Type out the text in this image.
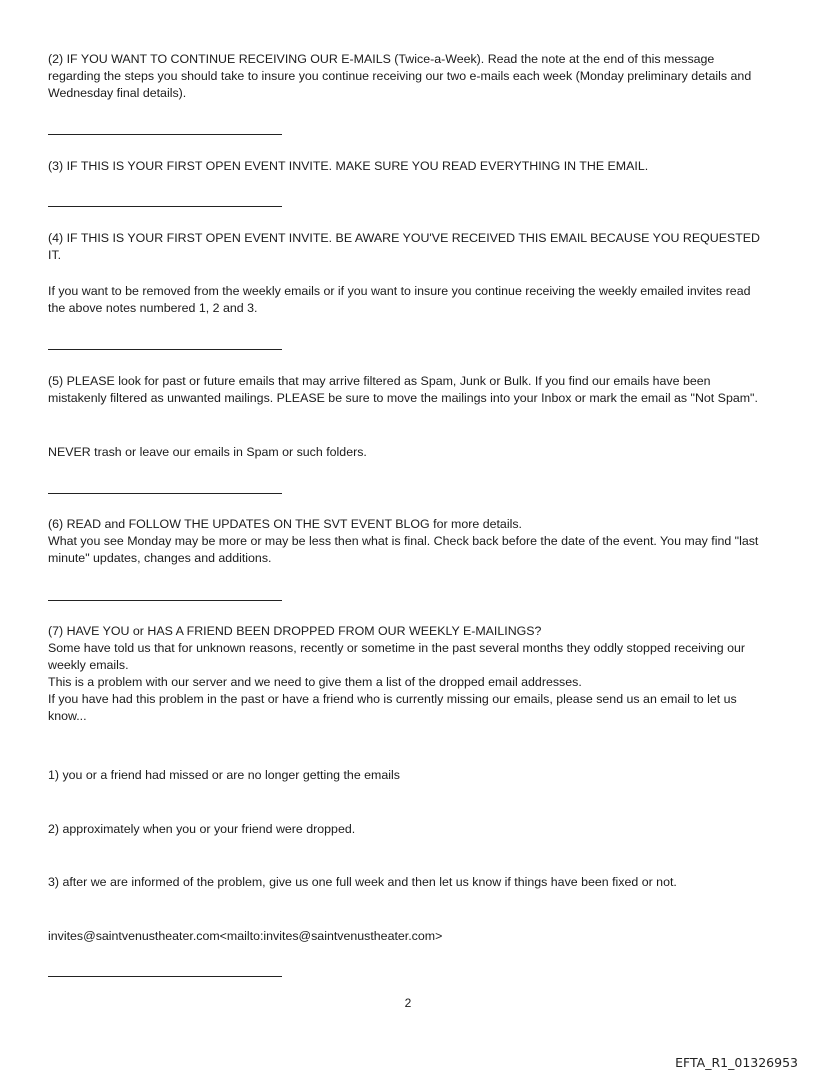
(2) IF YOU WANT TO CONTINUE RECEIVING OUR E-MAILS (Twice-a-Week). Read the note at the end of this message regarding the steps you should take to insure you continue receiving our two e-mails each week (Monday preliminary details and Wednesday final details).
(3) IF THIS IS YOUR FIRST OPEN EVENT INVITE. MAKE SURE YOU READ EVERYTHING IN THE EMAIL.
(4) IF THIS IS YOUR FIRST OPEN EVENT INVITE. BE AWARE YOU'VE RECEIVED THIS EMAIL BECAUSE YOU REQUESTED IT.
If you want to be removed from the weekly emails or if you want to insure you continue receiving the weekly emailed invites read the above notes numbered 1, 2 and 3.
(5) PLEASE look for past or future emails that may arrive filtered as Spam, Junk or Bulk. If you find our emails have been mistakenly filtered as unwanted mailings. PLEASE be sure to move the mailings into your Inbox or mark the email as "Not Spam".
NEVER trash or leave our emails in Spam or such folders.
(6) READ and FOLLOW THE UPDATES ON THE SVT EVENT BLOG for more details.
What you see Monday may be more or may be less then what is final. Check back before the date of the event. You may find "last minute" updates, changes and additions.
(7) HAVE YOU or HAS A FRIEND BEEN DROPPED FROM OUR WEEKLY E-MAILINGS?
Some have told us that for unknown reasons, recently or sometime in the past several months they oddly stopped receiving our weekly emails.
This is a problem with our server and we need to give them a list of the dropped email addresses.
If you have had this problem in the past or have a friend who is currently missing our emails, please send us an email to let us know...
1) you or a friend had missed or are no longer getting the emails
2) approximately when you or your friend were dropped.
3) after we are informed of the problem, give us one full week and then let us know if things have been fixed or not.
invites@saintvenustheater.com<mailto:invites@saintvenustheater.com>
2
EFTA_R1_01326953
